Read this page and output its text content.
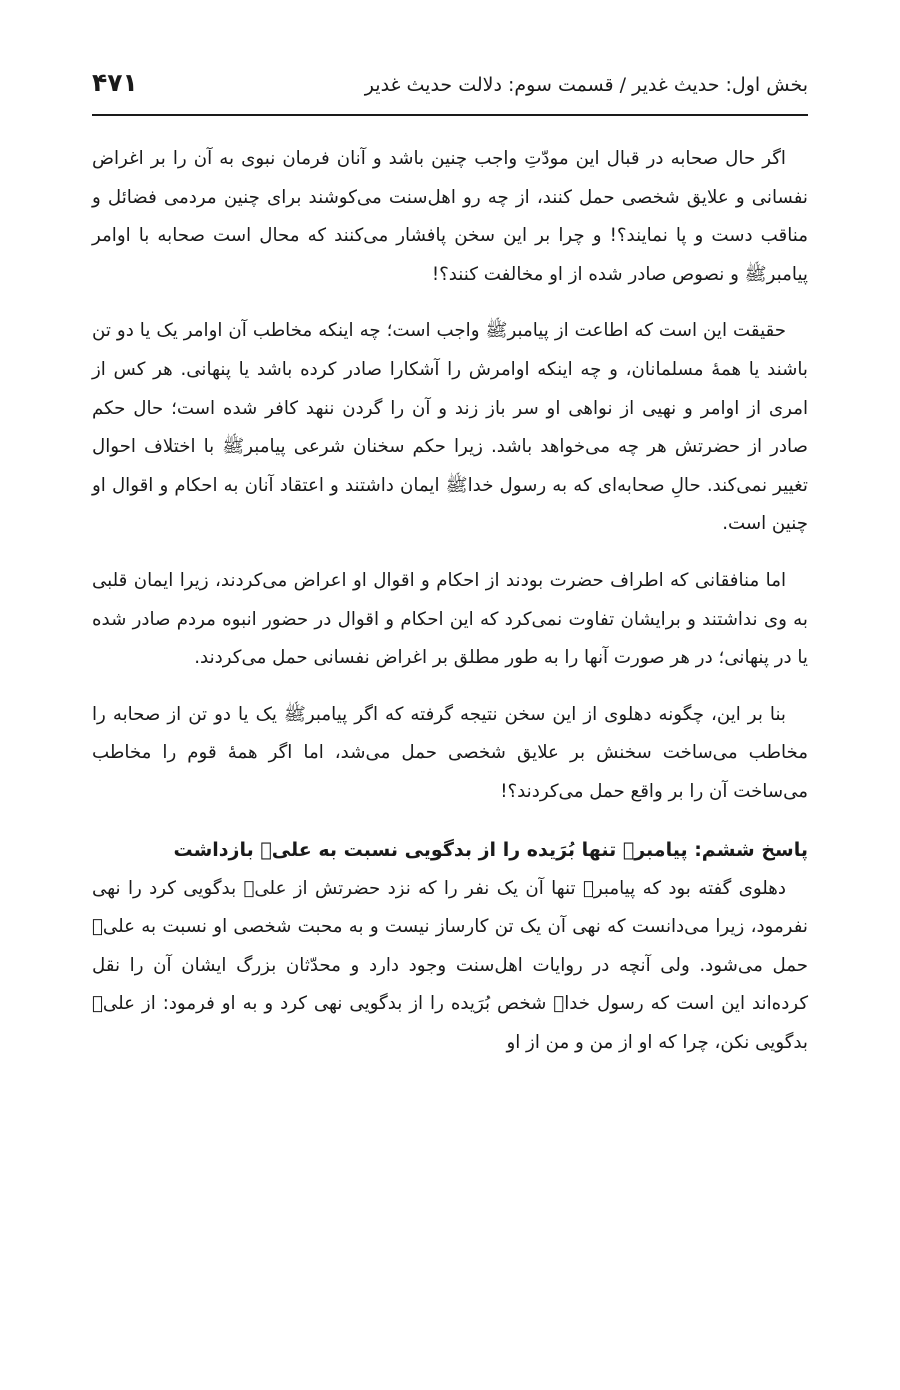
بخش اول: حدیث غدیر / قسمت سوم: دلالت حدیث غدیر
۴۷۱

اگر حال صحابه در قبال این مودّتِ واجب چنین باشد و آنان فرمان نبوی به آن را بر اغراض نفسانی و علایق شخصی حمل کنند، از چه رو اهل‌سنت می‌کوشند برای چنین مردمی فضائل و مناقب دست و پا نمایند؟! و چرا بر این سخن پافشار می‌کنند که محال است صحابه با اوامر پیامبرﷺ و نصوص صادر شده از او مخالفت کنند؟!

حقیقت این است که اطاعت از پیامبرﷺ واجب است؛ چه اینکه مخاطب آن اوامر یک یا دو تن باشند یا همهٔ مسلمانان، و چه اینکه اوامرش را آشکارا صادر کرده باشد یا پنهانی. هر کس از امری از اوامر و نهیی از نواهی او سر باز زند و آن را گردن ننهد کافر شده است؛ حال حکم صادر از حضرتش هر چه می‌خواهد باشد. زیرا حکم سخنان شرعی پیامبرﷺ با اختلاف احوال تغییر نمی‌کند. حالِ صحابه‌ای که به رسول خداﷺ ایمان داشتند و اعتقاد آنان به احکام و اقوال او چنین است.

اما منافقانی که اطراف حضرت بودند از احکام و اقوال او اعراض می‌کردند، زیرا ایمان قلبی به وی نداشتند و برایشان تفاوت نمی‌کرد که این احکام و اقوال در حضور انبوه مردم صادر شده یا در پنهانی؛ در هر صورت آنها را به طور مطلق بر اغراض نفسانی حمل می‌کردند.

بنا بر این، چگونه دهلوی از این سخن نتیجه گرفته که اگر پیامبرﷺ یک یا دو تن از صحابه را مخاطب می‌ساخت سخنش بر علایق شخصی حمل می‌شد، اما اگر همهٔ قوم را مخاطب می‌ساخت آن را بر واقع حمل می‌کردند؟!

پاسخ ششم: پیامبرﷺ تنها بُرَیده را از بدگویی نسبت به علیؑ بازداشت

دهلوی گفته بود که پیامبرﷺ تنها آن یک نفر را که نزد حضرتش از علیؑ بدگویی کرد را نهی نفرمود، زیرا می‌دانست که نهی آن یک تن کارساز نیست و به محبت شخصی او نسبت به علیؑ حمل می‌شود. ولی آنچه در روایات اهل‌سنت وجود دارد و محدّثان بزرگ ایشان آن را نقل کرده‌اند این است که رسول خداﷺ شخص بُرَیده را از بدگویی نهی کرد و به او فرمود: از علیؑ بدگویی نکن، چرا که او از من و من از او
